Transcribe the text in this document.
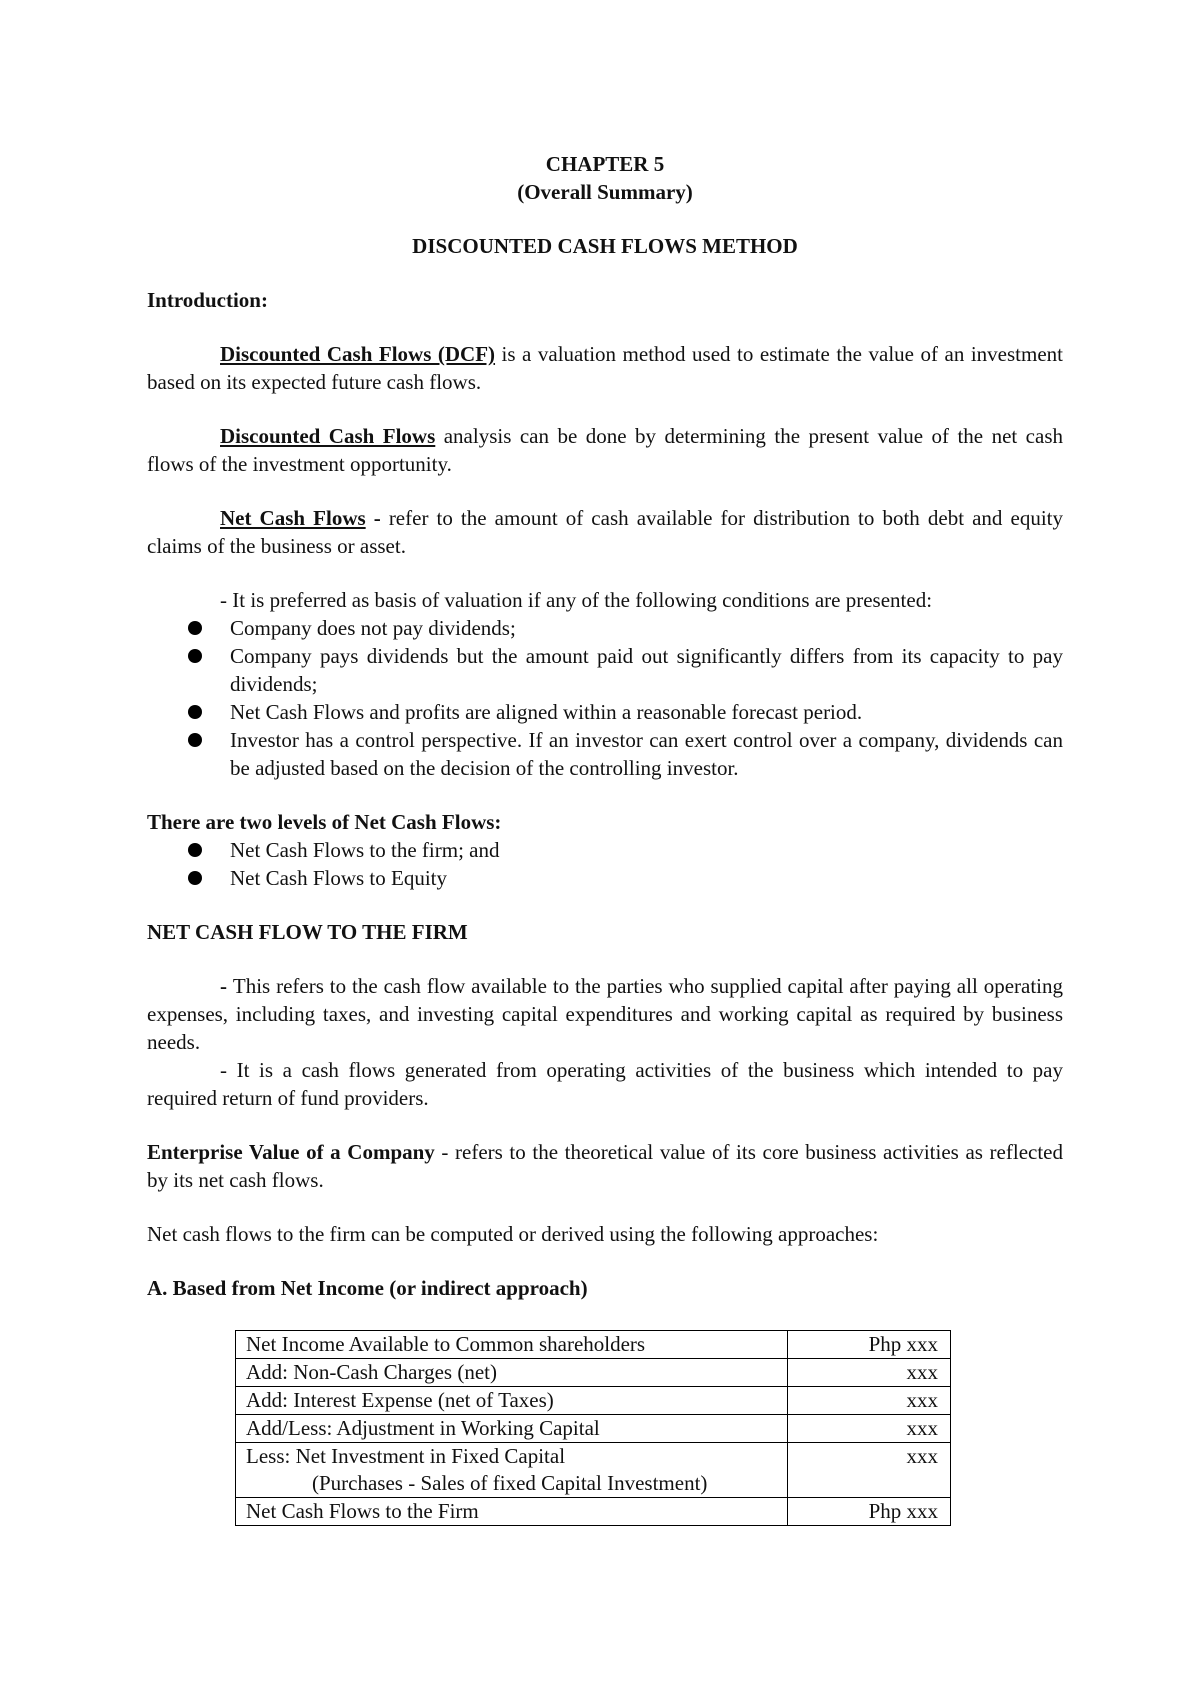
CHAPTER 5

(Overall Summary)

DISCOUNTED CASH FLOWS METHOD

Introduction:

Discounted Cash Flows (DCF) is a valuation method used to estimate the value of an investment based on its expected future cash flows.

Discounted Cash Flows analysis can be done by determining the present value of the net cash flows of the investment opportunity.

Net Cash Flows - refer to the amount of cash available for distribution to both debt and equity claims of the business or asset.

- It is preferred as basis of valuation if any of the following conditions are presented:

Company does not pay dividends;
Company pays dividends but the amount paid out significantly differs from its capacity to pay dividends;
Net Cash Flows and profits are aligned within a reasonable forecast period.
Investor has a control perspective. If an investor can exert control over a company, dividends can be adjusted based on the decision of the controlling investor.

There are two levels of Net Cash Flows:

Net Cash Flows to the firm; and
Net Cash Flows to Equity

NET CASH FLOW TO THE FIRM

- This refers to the cash flow available to the parties who supplied capital after paying all operating expenses, including taxes, and investing capital expenditures and working capital as required by business needs.

- It is a cash flows generated from operating activities of the business which intended to pay required return of fund providers.

Enterprise Value of a Company - refers to the theoretical value of its core business activities as reflected by its net cash flows.

Net cash flows to the firm can be computed or derived using the following approaches:

A. Based from Net Income (or indirect approach)

Net Income Available to Common shareholders	Php xxx
Add: Non-Cash Charges (net)	xxx
Add: Interest Expense (net of Taxes)	xxx
Add/Less: Adjustment in Working Capital	xxx
Less: Net Investment in Fixed Capital
(Purchases - Sales of fixed Capital Investment)	xxx
Net Cash Flows to the Firm	Php xxx
